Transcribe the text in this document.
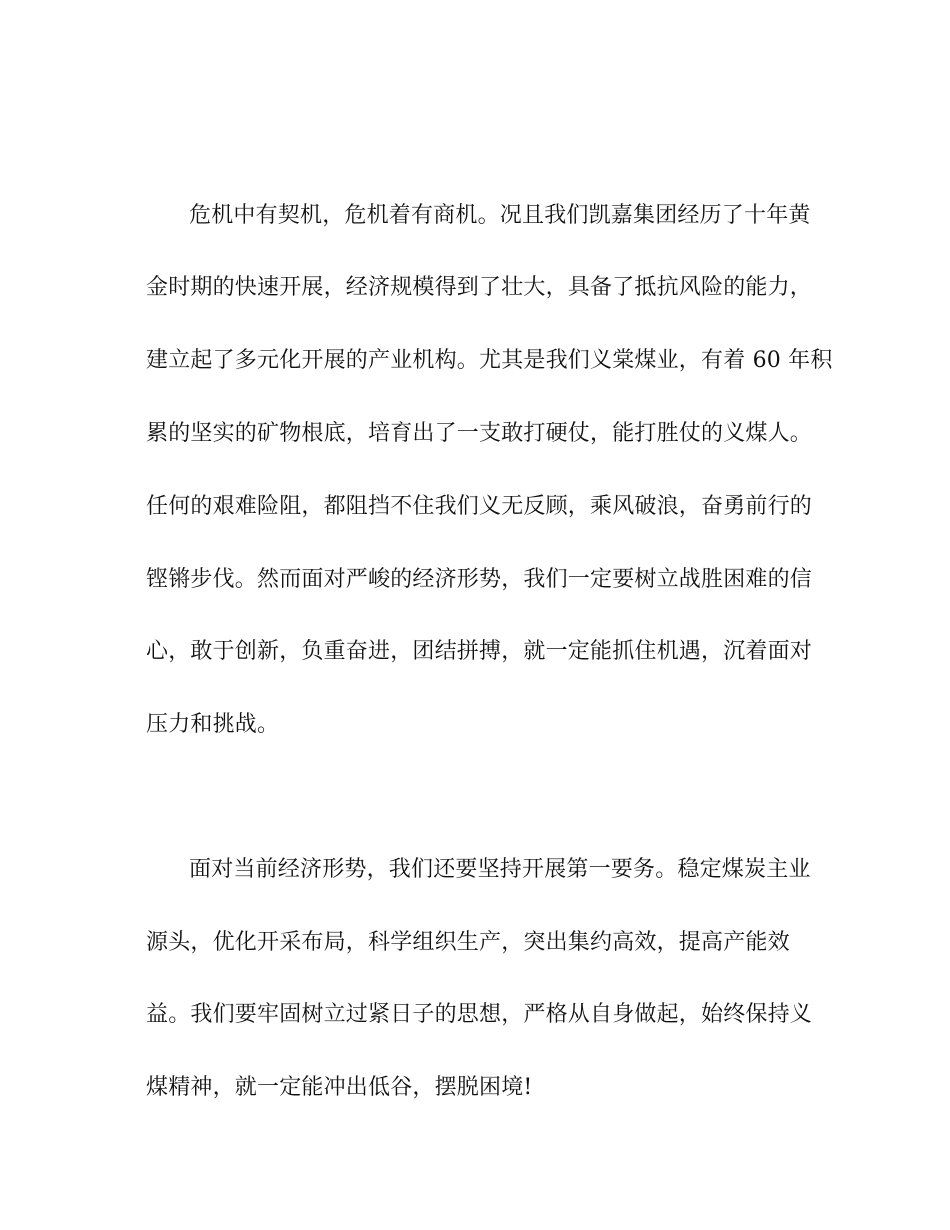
危机中有契机，危机着有商机。况且我们凯嘉集团经历了十年黄
金时期的快速开展，经济规模得到了壮大，具备了抵抗风险的能力，
建立起了多元化开展的产业机构。尤其是我们义棠煤业，有着 60 年积
累的坚实的矿物根底，培育出了一支敢打硬仗，能打胜仗的义煤人。
任何的艰难险阻，都阻挡不住我们义无反顾，乘风破浪，奋勇前行的
铿锵步伐。然而面对严峻的经济形势，我们一定要树立战胜困难的信
心，敢于创新，负重奋进，团结拼搏，就一定能抓住机遇，沉着面对
压力和挑战。
面对当前经济形势，我们还要坚持开展第一要务。稳定煤炭主业
源头，优化开采布局，科学组织生产，突出集约高效，提高产能效
益。我们要牢固树立过紧日子的思想，严格从自身做起，始终保持义
煤精神，就一定能冲出低谷，摆脱困境!
